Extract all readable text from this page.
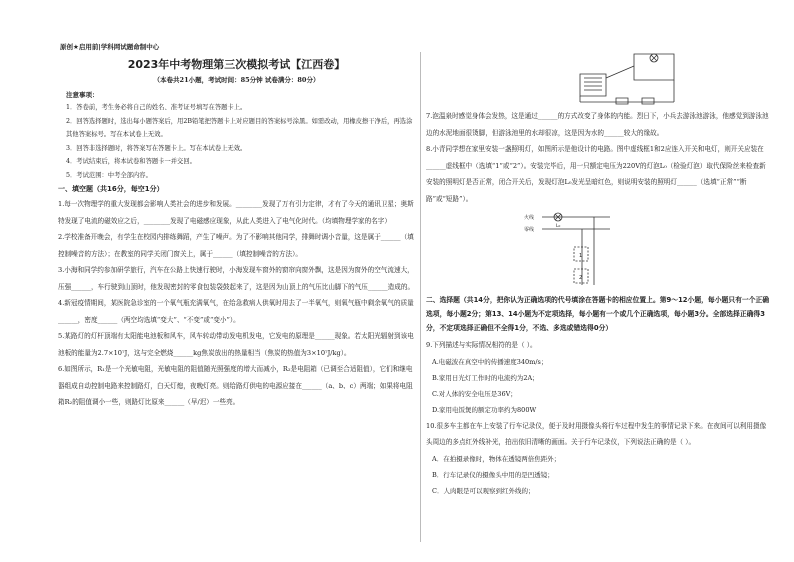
原创★启用前|学科网试题命制中心
2023年中考物理第三次模拟考试【江西卷】
（本卷共21小题，考试时间：85分钟 试卷满分：80分）
注意事项：
1．答卷前，考生务必将自己的姓名、准考证号填写在答题卡上。
2．回答选择题时，选出每小题答案后，用2B铅笔把答题卡上对应题目的答案标号涂黑。如需改动，用橡皮擦干净后，再选涂其他答案标号。写在本试卷上无效。
3．回答非选择题时，将答案写在答题卡上。写在本试卷上无效。
4．考试结束后，将本试卷和答题卡一并交回。
5．考试范围：中考全部内容。
一、填空题（共16分，每空1分）

1.每一次物理学的重大发现都会影响人类社会的进步和发展。________发现了万有引力定律，才有了今天的通讯卫星；奥斯特发现了电流的磁效应之后，________发现了电磁感应现象，从此人类进入了电气化时代。（均填物理学家的名字）

2.学校准备开晚会，有学生在校园内排练舞蹈，产生了噪声。为了不影响其他同学，排舞时调小音量，这是属于______（填控制噪音的方法）；在教室的同学关闭门窗关上，属于______（填控制噪音的方法）。

3.小海和同学约参加研学旅行，汽车在公路上快速行驶时，小海发现车窗外的窗帘向窗外飘，这是因为窗外的空气流速大，压强______，车行驶到山顶时，他发现密封的零食包装袋鼓起来了，这是因为山顶上的气压比山脚下的气压______造成的。

4.新冠疫情期间，某医院急诊室的一个氧气瓶充满氧气，在给急救病人供氧时用去了一半氧气，则氧气瓶中剩余氧气的质量______，密度______（两空均选填“变大”、“不变”或“变小”）。

5.某路灯的灯杆顶端有太阳能电池板和风车，风车转动带动发电机发电，它发电的原理是______现象。若太阳光辐射到该电池板的能量为2.7×10⁷J，这与完全燃烧______kg焦炭放出的热量相当（焦炭的热值为3×10⁷J/kg）。

6.如图所示，R₁是一个光敏电阻，光敏电阻的阻值随光照强度的增大而减小，R₂是电阻箱（已调至合适阻值），它们和继电器组成自动控制电路来控制路灯，白天灯熄，夜晚灯亮。则给路灯供电的电源应接在______（a、b、c）两端；如果将电阻箱R₂的阻值调小一些，则路灯比原来______（早/迟）一些亮。

7.泡温泉时感觉身体会发热，这是通过______的方式改变了身体的内能。烈日下，小兵去游泳池游泳，他感觉到游泳池边的水泥地面很烫脚，但游泳池里的水却很凉，这是因为水的______较大的缘故。

8.小青同学想在家里安装一盏照明灯，如图所示是他设计的电路。图中虚线框1和2应连入开关和电灯，则开关应装在______虚线框中（选填“1”或“2”）。安装完毕后，用一只额定电压为220V的灯泡L₀（检验灯泡）取代保险丝来检查新安装的照明灯是否正常，闭合开关后，发现灯泡L₀发光呈暗红色，则说明安装的照明灯______（选填“正常”“断路”或“短路”）。

火线
零线
L₀
1
2
二、选择题（共14分，把你认为正确选项的代号填涂在答题卡的相应位置上。第9～12小题，每小题只有一个正确选项，每小题2分；第13、14小题为不定项选择，每小题有一个或几个正确选项，每小题3分。全部选择正确得3分，不定项选择正确但不全得1分，不选、多选或错选得0分）

9.下列描述与实际情况相符的是（ ）。

A.电磁波在真空中的传播速度340m/s；
B.家用日光灯工作时的电流约为2A；
C.对人体的安全电压是36V；
D.家用电饭煲的额定功率约为800W

10.很多车主都在车上安装了行车记录仪，便于及时用摄像头将行车过程中发生的事情记录下来。在夜间可以利用摄像头周边的多点红外线补光，拍出依旧清晰的画面。关于行车记录仪，下列说法正确的是（ ）。

A．在拍摄录像时，物体在透镜两倍焦距外；
B．行车记录仪的摄像头中用的是凹透镜；
C．人肉眼是可以观察到红外线的；
